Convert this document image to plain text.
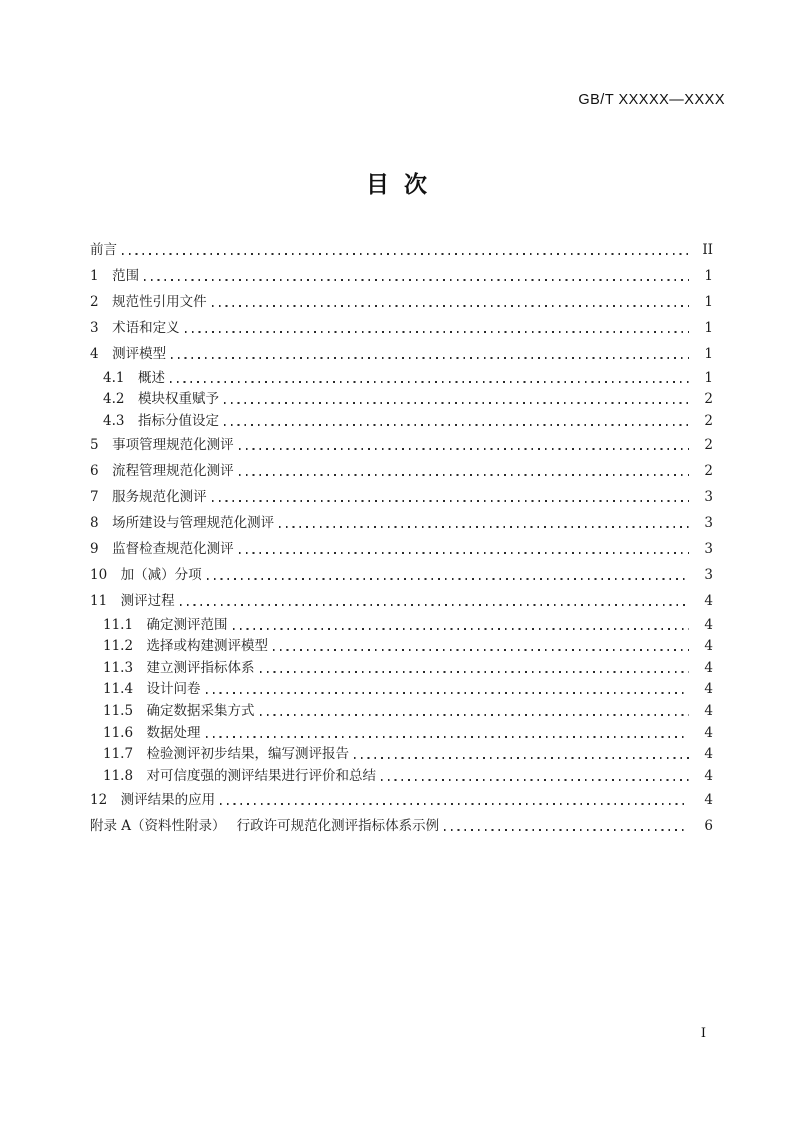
GB/T XXXXX—XXXX
目 次
前言	II
1　范围	1
2　规范性引用文件	1
3　术语和定义	1
4　测评模型	1
4.1　概述	1
4.2　模块权重赋予	2
4.3　指标分值设定	2
5　事项管理规范化测评	2
6　流程管理规范化测评	2
7　服务规范化测评	3
8　场所建设与管理规范化测评	3
9　监督检查规范化测评	3
10　加（减）分项	3
11　测评过程	4
11.1　确定测评范围	4
11.2　选择或构建测评模型	4
11.3　建立测评指标体系	4
11.4　设计问卷	4
11.5　确定数据采集方式	4
11.6　数据处理	4
11.7　检验测评初步结果，编写测评报告	4
11.8　对可信度强的测评结果进行评价和总结	4
12　测评结果的应用	4
附录 A（资料性附录）　 行政许可规范化测评指标体系示例	6
I
